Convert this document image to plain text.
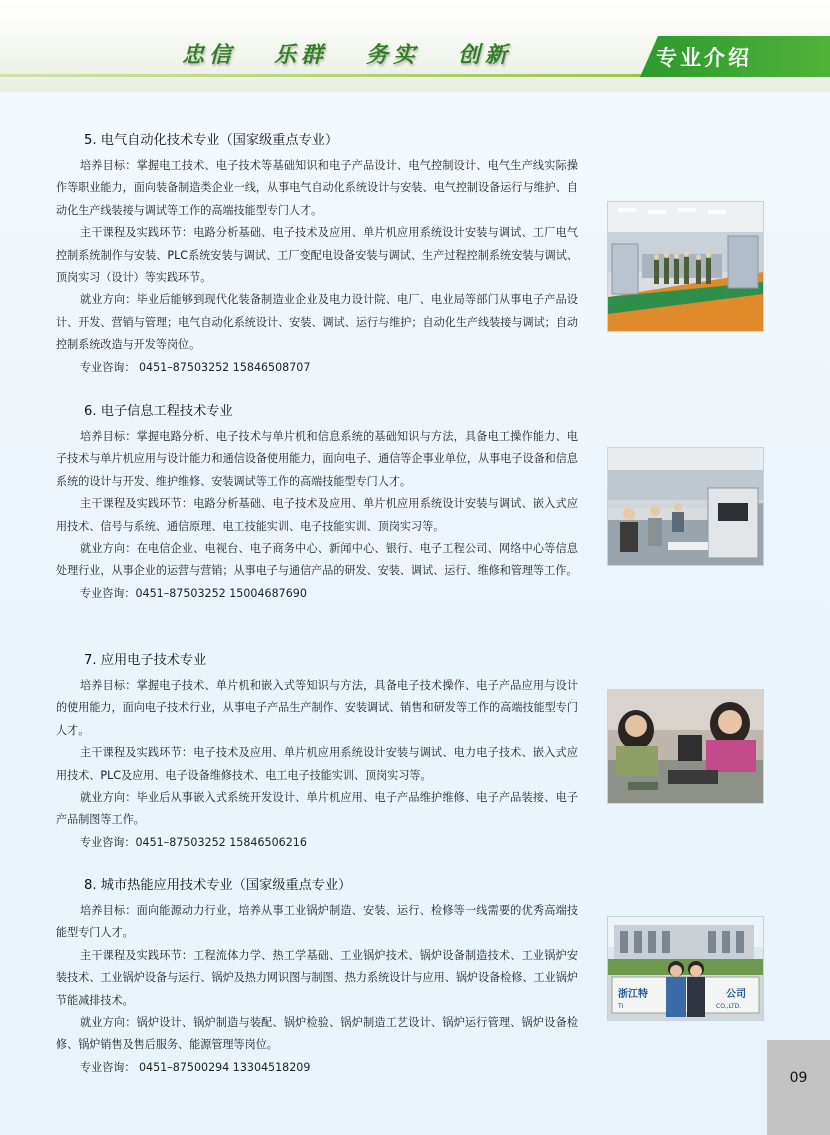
忠信 乐群 务实 创新	专业介绍
5. 电气自动化技术专业（国家级重点专业）

培养目标：掌握电工技术、电子技术等基础知识和电子产品设计、电气控制设计、电气生产线实际操作等职业能力，面向装备制造类企业一线，从事电气自动化系统设计与安装、电气控制设备运行与维护、自动化生产线装接与调试等工作的高端技能型专门人才。

主干课程及实践环节：电路分析基础、电子技术及应用、单片机应用系统设计安装与调试、工厂电气控制系统制作与安装、PLC系统安装与调试、工厂变配电设备安装与调试、生产过程控制系统安装与调试、顶岗实习（设计）等实践环节。

就业方向：毕业后能够到现代化装备制造业企业及电力设计院、电厂、电业局等部门从事电子产品设计、开发、营销与管理；电气自动化系统设计、安装、调试、运行与维护；自动化生产线装接与调试；自动控制系统改造与开发等岗位。

专业咨询： 0451–87503252 15846508707

6. 电子信息工程技术专业

培养目标：掌握电路分析、电子技术与单片机和信息系统的基础知识与方法，具备电工操作能力、电子技术与单片机应用与设计能力和通信设备使用能力，面向电子、通信等企事业单位，从事电子设备和信息系统的设计与开发、维护维修、安装调试等工作的高端技能型专门人才。

主干课程及实践环节：电路分析基础、电子技术及应用、单片机应用系统设计安装与调试、嵌入式应用技术、信号与系统、通信原理、电工技能实训、电子技能实训、顶岗实习等。

就业方向：在电信企业、电视台、电子商务中心、新闻中心、银行、电子工程公司、网络中心等信息处理行业，从事企业的运营与营销；从事电子与通信产品的研发、安装、调试、运行、维修和管理等工作。

专业咨询：0451–87503252 15004687690

7. 应用电子技术专业

培养目标：掌握电子技术、单片机和嵌入式等知识与方法，具备电子技术操作、电子产品应用与设计的使用能力，面向电子技术行业，从事电子产品生产制作、安装调试、销售和研发等工作的高端技能型专门人才。

主干课程及实践环节：电子技术及应用、单片机应用系统设计安装与调试、电力电子技术、嵌入式应用技术、PLC及应用、电子设备维修技术、电工电子技能实训、顶岗实习等。

就业方向：毕业后从事嵌入式系统开发设计、单片机应用、电子产品维护维修、电子产品装接、电子产品制图等工作。

专业咨询：0451–87503252 15846506216

8. 城市热能应用技术专业（国家级重点专业）

培养目标：面向能源动力行业，培养从事工业锅炉制造、安装、运行、检修等一线需要的优秀高端技能型专门人才。

主干课程及实践环节：工程流体力学、热工学基础、工业锅炉技术、锅炉设备制造技术、工业锅炉安装技术、工业锅炉设备与运行、锅炉及热力网识图与制图、热力系统设计与应用、锅炉设备检修、工业锅炉节能减排技术。

就业方向：锅炉设计、锅炉制造与装配、锅炉检验、锅炉制造工艺设计、锅炉运行管理、锅炉设备检修、锅炉销售及售后服务、能源管理等岗位。

专业咨询： 0451–87500294 13304518209

浙江特	公司
TI	CO.,LTD.
09
